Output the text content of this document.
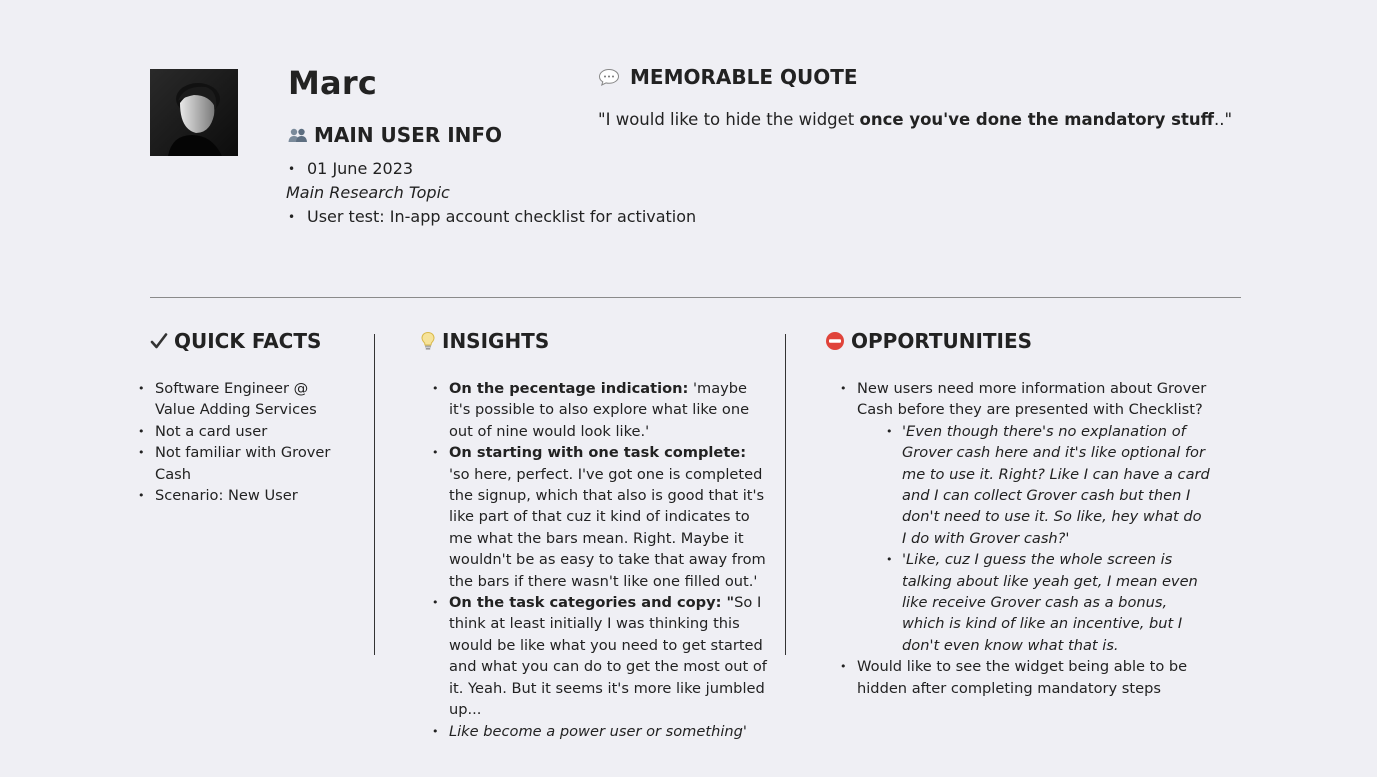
Marc
MAIN USER INFO
• 01 June 2023
Main Research Topic
• User test: In-app account checklist for activation
MEMORABLE QUOTE
"I would like to hide the widget once you've done the mandatory stuff.."
QUICK FACTS
• Software Engineer @ Value Adding Services
• Not a card user
• Not familiar with Grover Cash
• Scenario: New User
INSIGHTS
• On the pecentage indication: 'maybe it's possible to also explore what like one out of nine would look like.'
• On starting with one task complete: 'so here, perfect. I've got one is completed the signup, which that also is good that it's like part of that cuz it kind of indicates to me what the bars mean. Right. Maybe it wouldn't be as easy to take that away from the bars if there wasn't like one filled out.'
• On the task categories and copy: "So I think at least initially I was thinking this would be like what you need to get started and what you can do to get the most out of it. Yeah. But it seems it's more like jumbled up...
• Like become a power user or something'
OPPORTUNITIES
• New users need more information about Grover Cash before they are presented with Checklist?
• 'Even though there's no explanation of Grover cash here and it's like optional for me to use it. Right? Like I can have a card and I can collect Grover cash but then I don't need to use it. So like, hey what do I do with Grover cash?'
• 'Like, cuz I guess the whole screen is talking about like yeah get, I mean even like receive Grover cash as a bonus, which is kind of like an incentive, but I don't even know what that is.
• Would like to see the widget being able to be hidden after completing mandatory steps
